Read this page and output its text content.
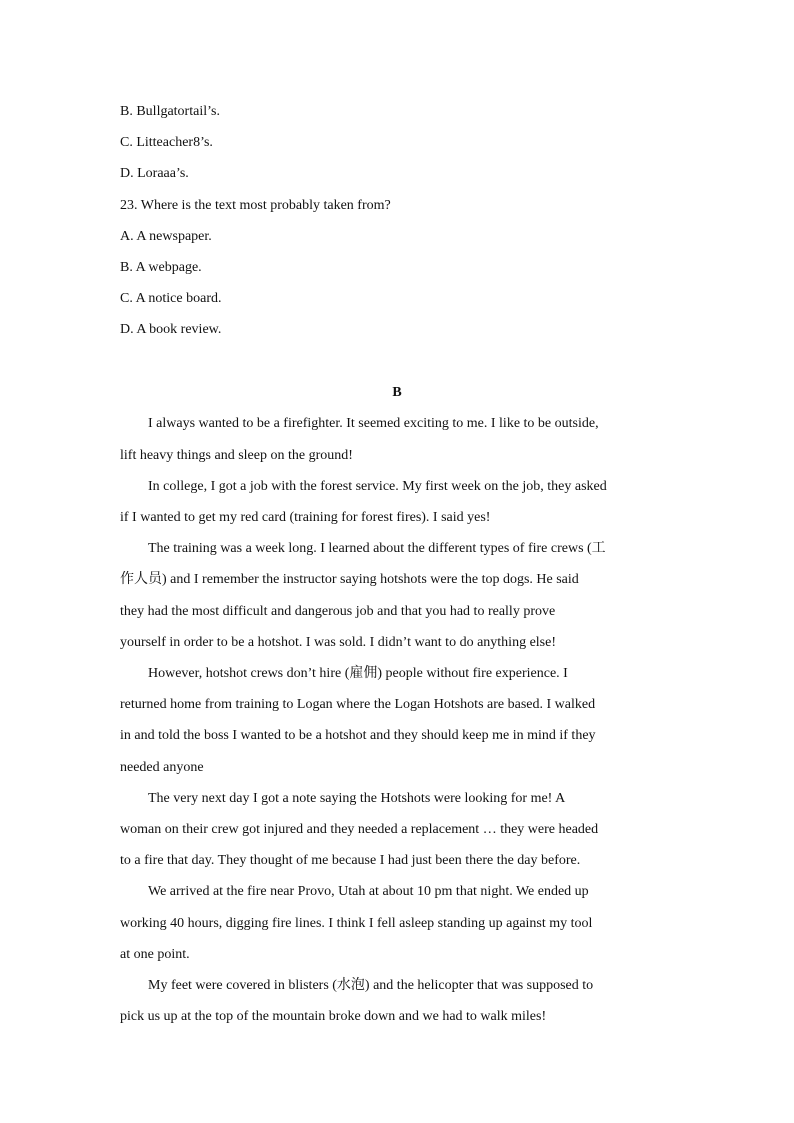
B. Bullgatortail’s.
C. Litteacher8’s.
D. Loraaa’s.
23. Where is the text most probably taken from?
A. A newspaper.
B. A webpage.
C. A notice board.
D. A book review.
B
I always wanted to be a firefighter. It seemed exciting to me. I like to be outside,
lift heavy things and sleep on the ground!
In college, I got a job with the forest service. My first week on the job, they asked
if I wanted to get my red card (training for forest fires). I said yes!
The training was a week long. I learned about the different types of fire crews (工
作人员) and I remember the instructor saying hotshots were the top dogs. He said
they had the most difficult and dangerous job and that you had to really prove
yourself in order to be a hotshot. I was sold. I didn’t want to do anything else!
However, hotshot crews don’t hire (雇佣) people without fire experience. I
returned home from training to Logan where the Logan Hotshots are based. I walked
in and told the boss I wanted to be a hotshot and they should keep me in mind if they
needed anyone
The very next day I got a note saying the Hotshots were looking for me! A
woman on their crew got injured and they needed a replacement … they were headed
to a fire that day. They thought of me because I had just been there the day before.
We arrived at the fire near Provo, Utah at about 10 pm that night. We ended up
working 40 hours, digging fire lines. I think I fell asleep standing up against my tool
at one point.
My feet were covered in blisters (水泡) and the helicopter that was supposed to
pick us up at the top of the mountain broke down and we had to walk miles!
